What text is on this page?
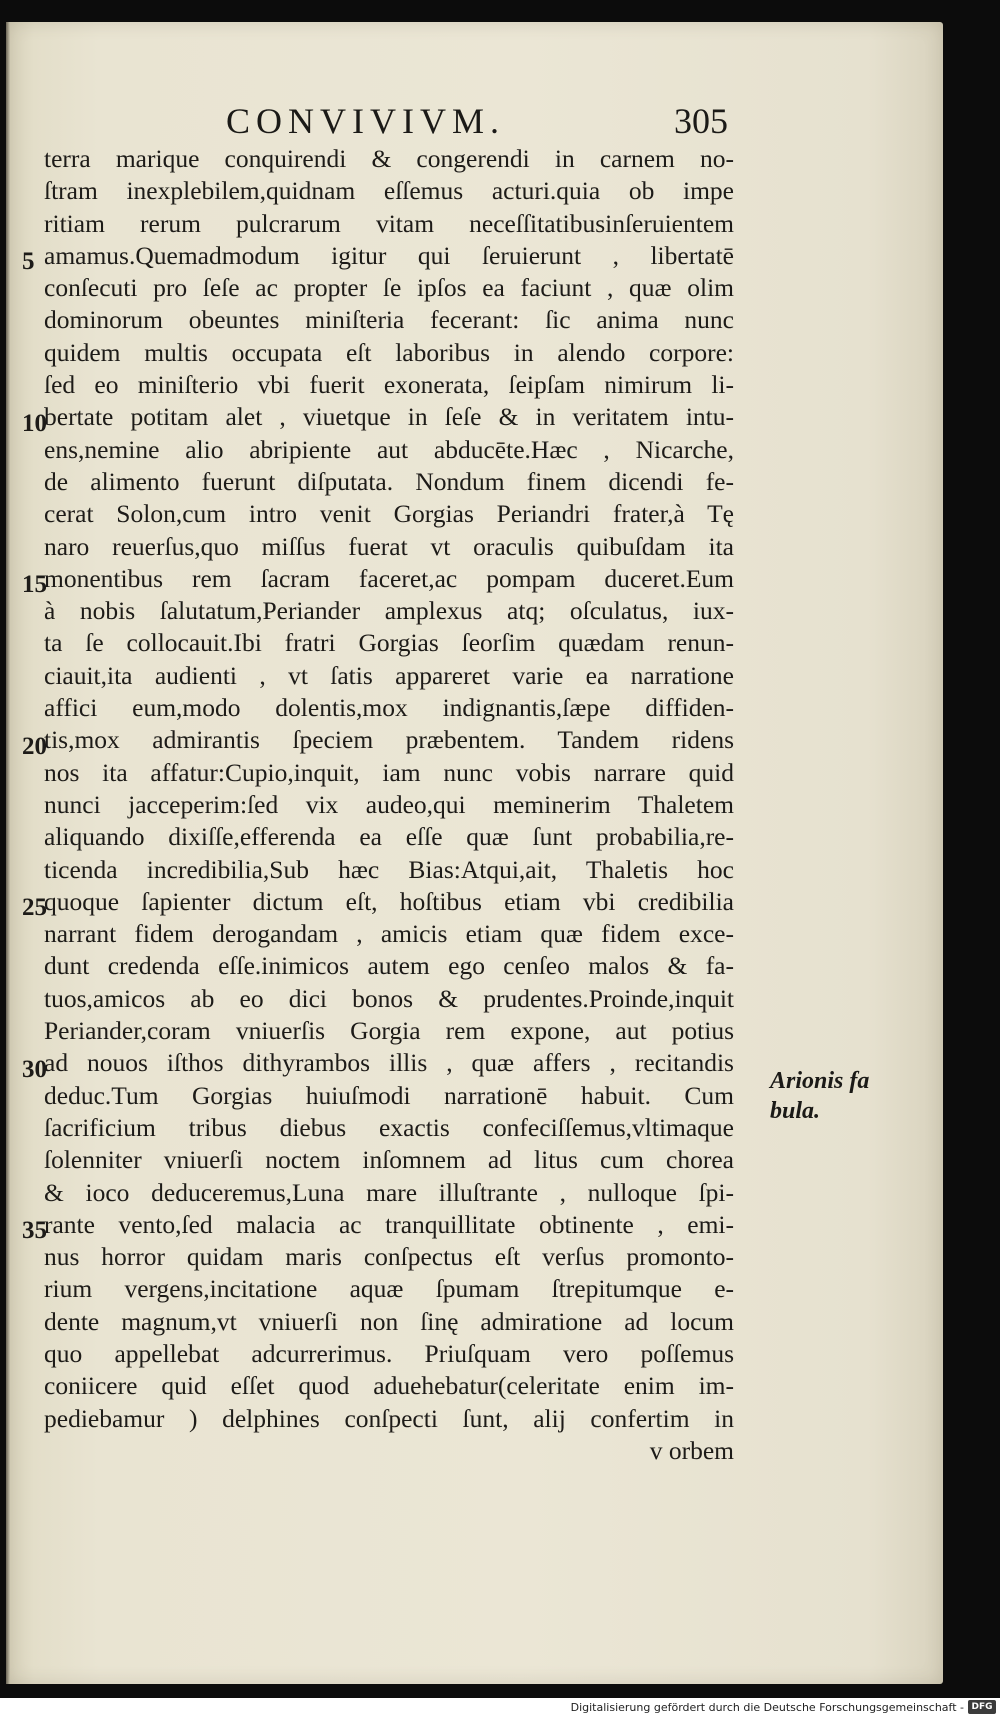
CONVIVIVM.	305
terra marique conquirendi & congerendi in carnem no-
ſtram inexplebilem,quidnam eſſemus acturi.quia ob impe
ritiam rerum pulcrarum vitam neceſſitatibusinſeruientem
amamus.Quemadmodum igitur qui ſeruierunt , libertatē
conſecuti pro ſeſe ac propter ſe ipſos ea faciunt , quæ olim
dominorum obeuntes miniſteria fecerant: ſic anima nunc
quidem multis occupata eſt laboribus in alendo corpore:
ſed eo miniſterio vbi fuerit exonerata, ſeipſam nimirum li-
bertate potitam alet , viuetque in ſeſe & in veritatem intu-
ens,nemine alio abripiente aut abducēte.Hæc , Nicarche,
de alimento fuerunt diſputata. Nondum finem dicendi fe-
cerat Solon,cum intro venit Gorgias Periandri frater,à Tę
naro reuerſus,quo miſſus fuerat vt oraculis quibuſdam ita
monentibus rem ſacram faceret,ac pompam duceret.Eum
à nobis ſalutatum,Periander amplexus atq; oſculatus, iux-
ta ſe collocauit.Ibi fratri Gorgias ſeorſim quædam renun-
ciauit,ita audienti , vt ſatis appareret varie ea narratione
affici eum,modo dolentis,mox indignantis,ſæpe diffiden-
tis,mox admirantis ſpeciem præbentem. Tandem ridens
nos ita affatur:Cupio,inquit, iam nunc vobis narrare quid
nunci jacceperim:ſed vix audeo,qui meminerim Thaletem
aliquando dixiſſe,efferenda ea eſſe quæ ſunt probabilia,re-
ticenda incredibilia,Sub hæc Bias:Atqui,ait, Thaletis hoc
quoque ſapienter dictum eſt, hoſtibus etiam vbi credibilia
narrant fidem derogandam , amicis etiam quæ fidem exce-
dunt credenda eſſe.inimicos autem ego cenſeo malos & fa-
tuos,amicos ab eo dici bonos & prudentes.Proinde,inquit
Periander,coram vniuerſis Gorgia rem expone, aut potius
ad nouos iſthos dithyrambos illis , quæ affers , recitandis
deduc.Tum Gorgias huiuſmodi narrationē habuit. Cum
ſacrificium tribus diebus exactis confeciſſemus,vltimaque
ſolenniter vniuerſi noctem inſomnem ad litus cum chorea
& ioco deduceremus,Luna mare illuſtrante , nulloque ſpi-
rante vento,ſed malacia ac tranquillitate obtinente , emi-
nus horror quidam maris conſpectus eſt verſus promonto-
rium vergens,incitatione aquæ ſpumam ſtrepitumque e-
dente magnum,vt vniuerſi non ſinę admiratione ad locum
quo appellebat adcurrerimus. Priuſquam vero poſſemus
coniicere quid eſſet quod aduehebatur(celeritate enim im-
pediebamur ) delphines conſpecti ſunt, alij confertim in
v orbem
5
10
15
20
25
30
35
Arionis fa
bula.
Digitalisierung gefördert durch die Deutsche Forschungsgemeinschaft - DFG
